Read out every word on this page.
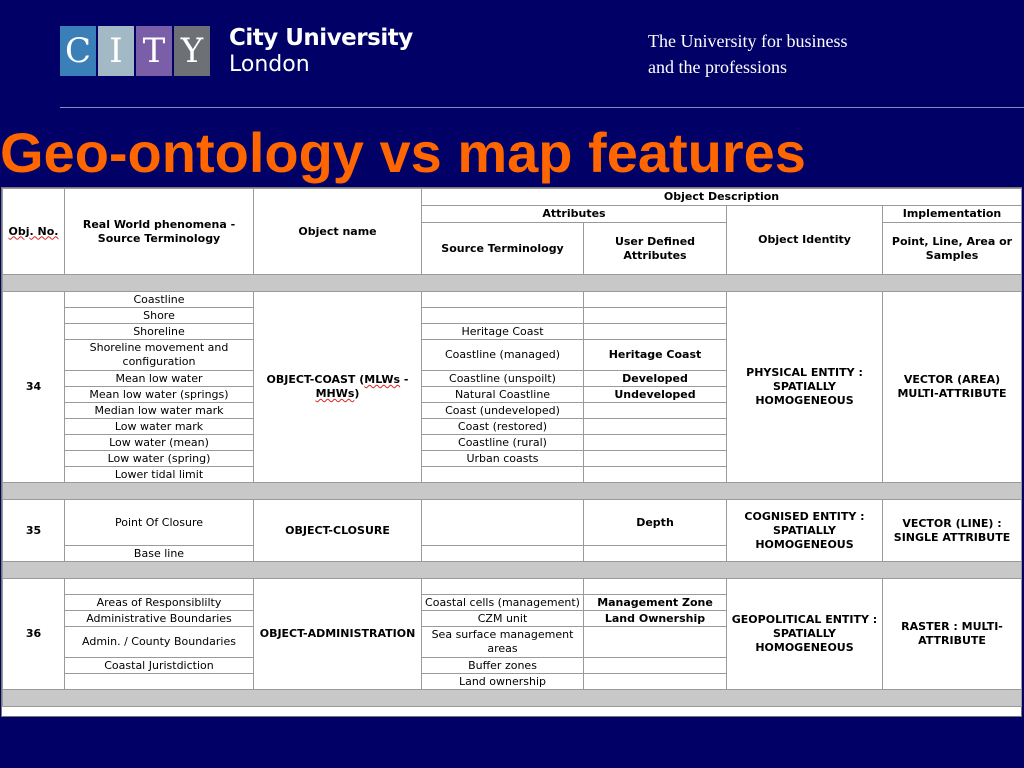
C I T Y City University
London
The University for business
and the professions
Geo-ontology vs map features
Obj. No.	Real World phenomena - Source Terminology	Object name	Object Description			
			Attributes		Object Identity	Implementation
			Source Terminology	User Defined Attributes		Point, Line, Area or Samples

34	Coastline	OBJECT-COAST (MLWs - MHWs)			PHYSICAL ENTITY : SPATIALLY HOMOGENEOUS	VECTOR (AREA) MULTI-ATTRIBUTE
	Shore					
	Shoreline		Heritage Coast			
	Shoreline movement and configuration		Coastline (managed)	Heritage Coast		
	Mean low water		Coastline (unspoilt)	Developed		
	Mean low water (springs)		Natural Coastline	Undeveloped		
	Median low water mark		Coast (undeveloped)			
	Low water mark		Coast (restored)			
	Low water (mean)		Coastline (rural)			
	Low water (spring)		Urban coasts			
	Lower tidal limit					

35	Point Of Closure	OBJECT-CLOSURE		Depth	COGNISED ENTITY : SPATIALLY HOMOGENEOUS	VECTOR (LINE) : SINGLE ATTRIBUTE
	Base line					

36		OBJECT-ADMINISTRATION			GEOPOLITICAL ENTITY : SPATIALLY HOMOGENEOUS	RASTER : MULTI-ATTRIBUTE
	Areas of Responsiblilty		Coastal cells (management)	Management Zone		
	Administrative Boundaries		CZM unit	Land Ownership		
	Admin. / County Boundaries		Sea surface management areas			
	Coastal Juristdiction		Buffer zones			
			Land ownership			
